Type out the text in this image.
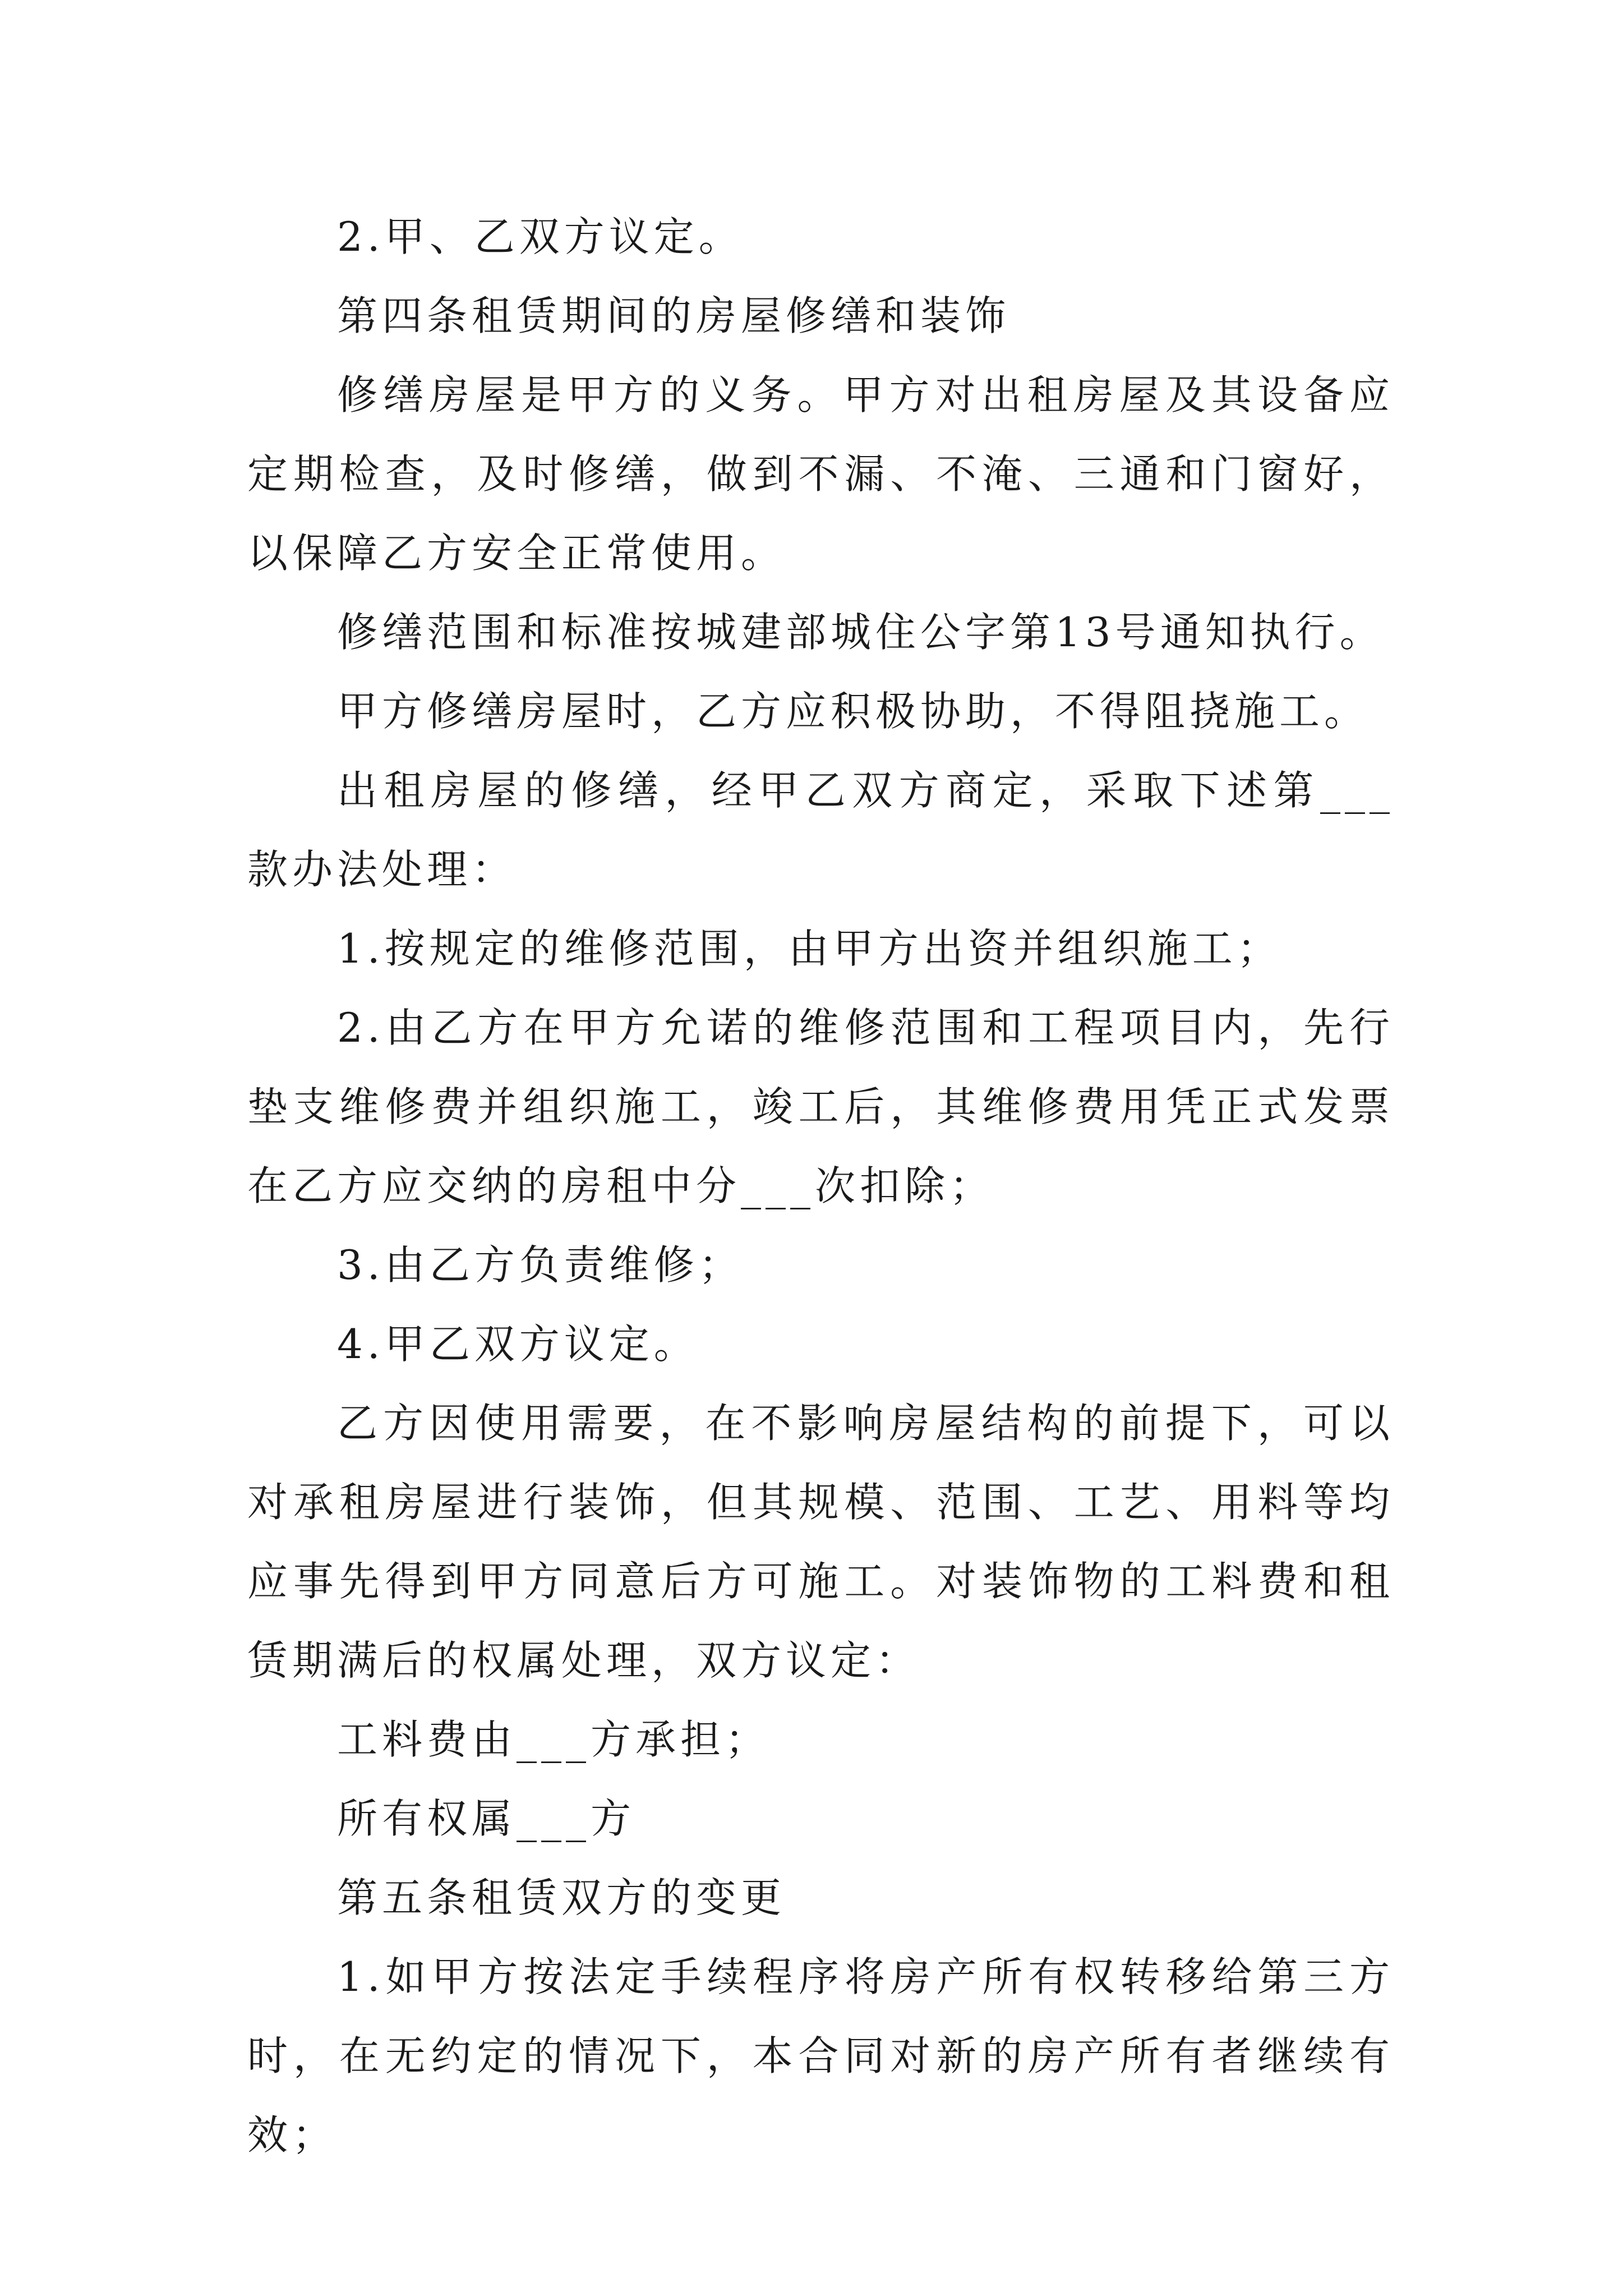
2.甲、乙双方议定。

第四条租赁期间的房屋修缮和装饰

修缮房屋是甲方的义务。甲方对出租房屋及其设备应定期检查，及时修缮，做到不漏、不淹、三通和门窗好，以保障乙方安全正常使用。

修缮范围和标准按城建部城住公字第13号通知执行。

甲方修缮房屋时，乙方应积极协助，不得阻挠施工。

出租房屋的修缮，经甲乙双方商定，采取下述第___款办法处理：

1.按规定的维修范围，由甲方出资并组织施工；

2.由乙方在甲方允诺的维修范围和工程项目内，先行垫支维修费并组织施工，竣工后，其维修费用凭正式发票在乙方应交纳的房租中分___次扣除；

3.由乙方负责维修；

4.甲乙双方议定。

乙方因使用需要，在不影响房屋结构的前提下，可以对承租房屋进行装饰，但其规模、范围、工艺、用料等均应事先得到甲方同意后方可施工。对装饰物的工料费和租赁期满后的权属处理，双方议定：

工料费由___方承担；

所有权属___方

第五条租赁双方的变更

1.如甲方按法定手续程序将房产所有权转移给第三方时，在无约定的情况下，本合同对新的房产所有者继续有效；
